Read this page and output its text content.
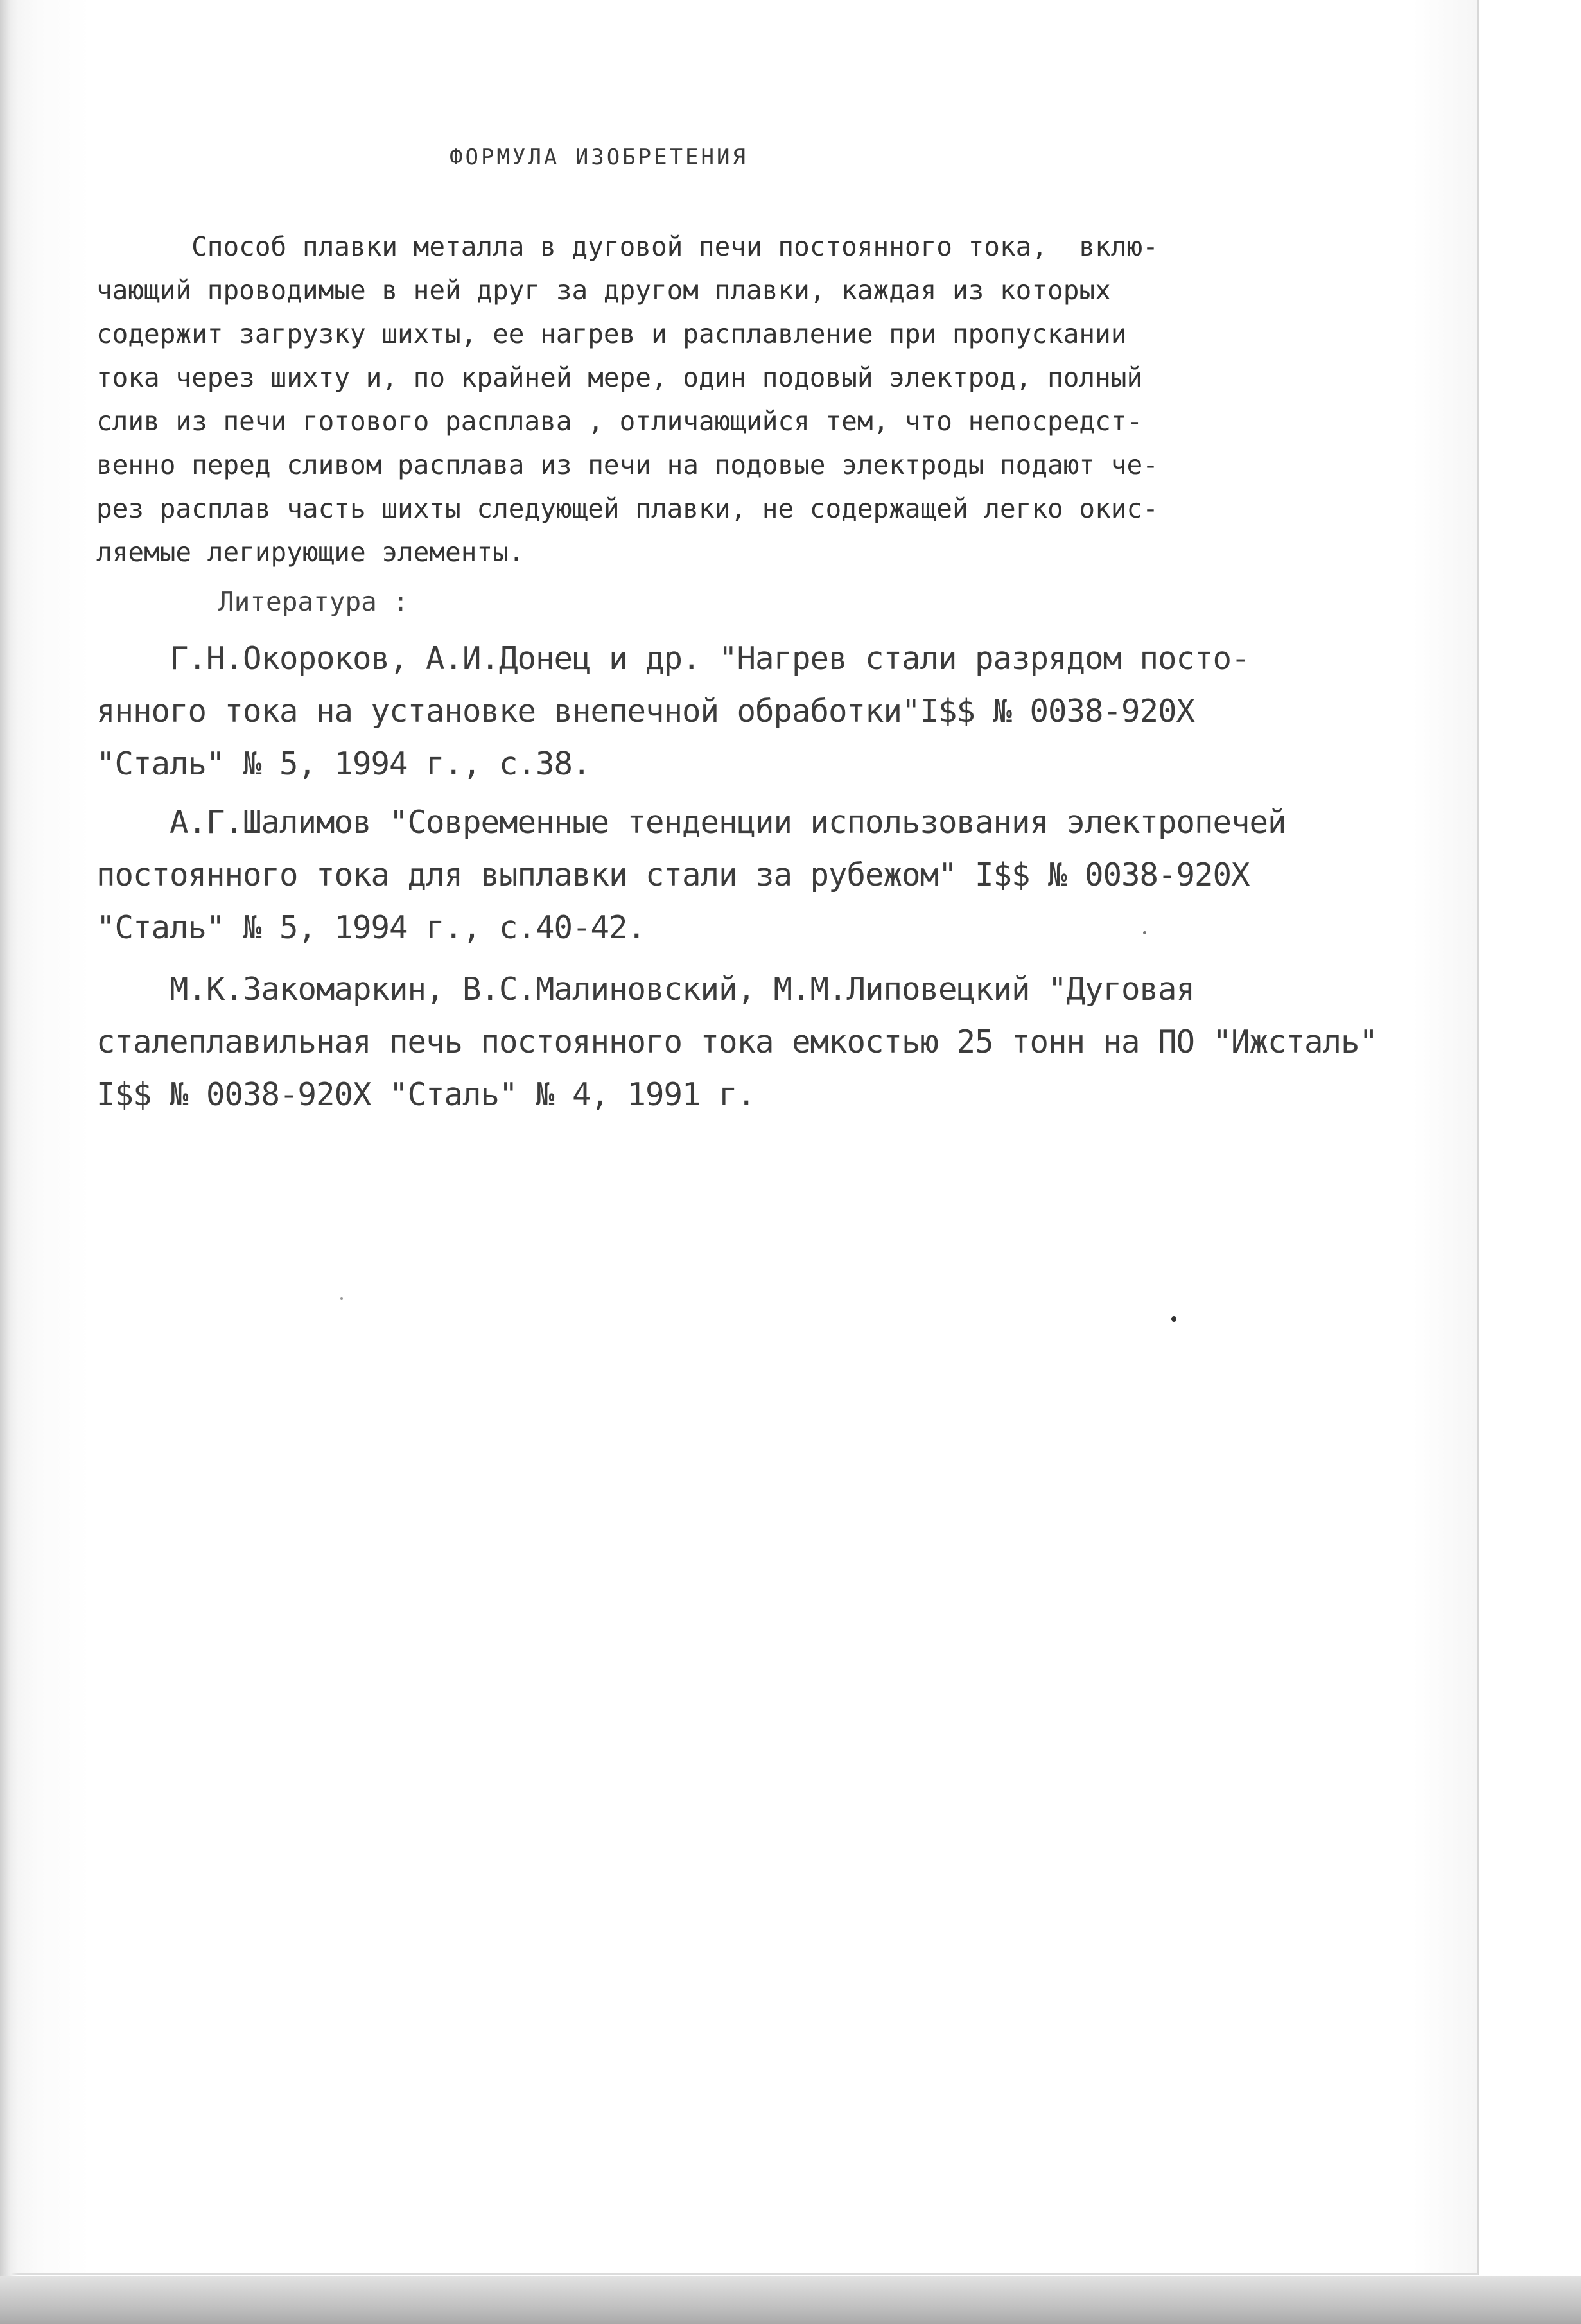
ФОРМУЛА ИЗОБРЕТЕНИЯ
Способ плавки металла в дуговой печи постоянного тока,  вклю-
чающий проводимые в ней друг за другом плавки, каждая из которых
содержит загрузку шихты, ее нагрев и расплавление при пропускании
тока через шихту и, по крайней мере, один подовый электрод, полный
слив из печи готового расплава , отличающийся тем, что непосредст-
венно перед сливом расплава из печи на подовые электроды подают че-
рез расплав часть шихты следующей плавки, не содержащей легко окис-
ляемые легирующие элементы.
Литература :
Г.Н.Окороков, А.И.Донец и др. "Нагрев стали разрядом посто-
янного тока на установке внепечной обработки"I$$ № 0038-920X
"Сталь" № 5, 1994 г., с.38.
А.Г.Шалимов "Современные тенденции использования электропечей
постоянного тока для выплавки стали за рубежом" I$$ № 0038-920X
"Сталь" № 5, 1994 г., с.40-42.
М.К.Закомаркин, В.С.Малиновский, М.М.Липовецкий "Дуговая
сталеплавильная печь постоянного тока емкостью 25 тонн на ПО "Ижсталь"
I$$ № 0038-920X "Сталь" № 4, 1991 г.
